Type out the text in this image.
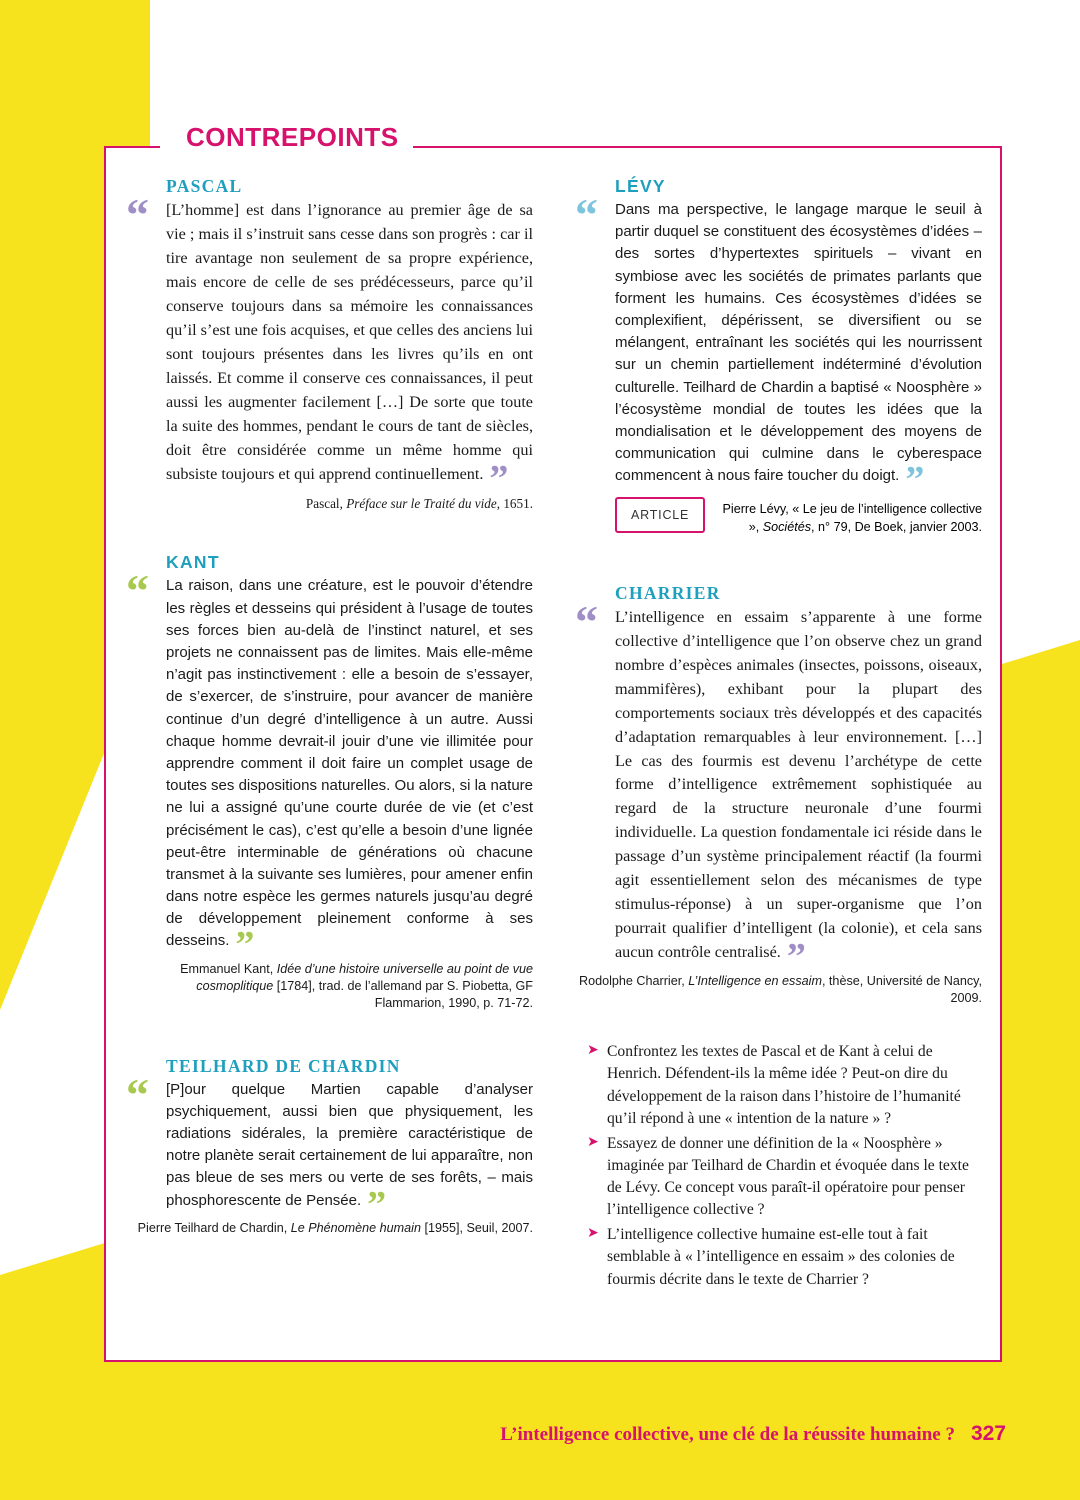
CONTREPOINTS
“
PASCAL
[L’homme] est dans l’ignorance au premier âge de sa vie ; mais il s’instruit sans cesse dans son progrès : car il tire avantage non seulement de sa propre expérience, mais encore de celle de ses prédécesseurs, parce qu’il conserve toujours dans sa mémoire les connaissances qu’il s’est une fois acquises, et que celles des anciens lui sont toujours présentes dans les livres qu’ils en ont laissés. Et comme il conserve ces connaissances, il peut aussi les augmenter facilement […] De sorte que toute la suite des hommes, pendant le cours de tant de siècles, doit être considérée comme un même homme qui subsiste toujours et qui apprend continuellement. ”
Pascal, Préface sur le Traité du vide, 1651.
“
KANT
La raison, dans une créature, est le pouvoir d’étendre les règles et desseins qui président à l’usage de toutes ses forces bien au-delà de l’instinct naturel, et ses projets ne connaissent pas de limites. Mais elle-même n’agit pas instinctivement : elle a besoin de s’essayer, de s’exercer, de s’instruire, pour avancer de manière continue d’un degré d’intelligence à un autre. Aussi chaque homme devrait-il jouir d’une vie illimitée pour apprendre comment il doit faire un complet usage de toutes ses dispositions naturelles. Ou alors, si la nature ne lui a assigné qu’une courte durée de vie (et c’est précisément le cas), c’est qu’elle a besoin d’une lignée peut-être interminable de générations où chacune transmet à la suivante ses lumières, pour amener enfin dans notre espèce les germes naturels jusqu’au degré de développement pleinement conforme à ses desseins. ”
Emmanuel Kant, Idée d’une histoire universelle au point de vue cosmoplitique [1784], trad. de l’allemand par S. Piobetta, GF Flammarion, 1990, p. 71-72.
“
TEILHARD DE CHARDIN
[P]our quelque Martien capable d’analyser psychiquement, aussi bien que physiquement, les radiations sidérales, la première caractéristique de notre planète serait certainement de lui apparaître, non pas bleue de ses mers ou verte de ses forêts, – mais phosphorescente de Pensée. ”
Pierre Teilhard de Chardin, Le Phénomène humain [1955], Seuil, 2007.
“
LÉVY
Dans ma perspective, le langage marque le seuil à partir duquel se constituent des écosystèmes d’idées – des sortes d’hypertextes spirituels – vivant en symbiose avec les sociétés de primates parlants que forment les humains. Ces écosystèmes d’idées se complexifient, dépérissent, se diversifient ou se mélangent, entraînant les sociétés qui les nourrissent sur un chemin partiellement indéterminé d’évolution culturelle. Teilhard de Chardin a baptisé « Noosphère » l’écosystème mondial de toutes les idées que la mondialisation et le développement des moyens de communication qui culmine dans le cyberespace commencent à nous faire toucher du doigt. ”
ARTICLE	Pierre Lévy, « Le jeu de l’intelligence collective », Sociétés, n° 79, De Boek, janvier 2003.
“
CHARRIER
L’intelligence en essaim s’apparente à une forme collective d’intelligence que l’on observe chez un grand nombre d’espèces animales (insectes, poissons, oiseaux, mammifères), exhibant pour la plupart des comportements sociaux très développés et des capacités d’adaptation remarquables à leur environnement. […] Le cas des fourmis est devenu l’archétype de cette forme d’intelligence extrêmement sophistiquée au regard de la structure neuronale d’une fourmi individuelle. La question fondamentale ici réside dans le passage d’un système principalement réactif (la fourmi agit essentiellement selon des mécanismes de type stimulus-réponse) à un super-organisme que l’on pourrait qualifier d’intelligent (la colonie), et cela sans aucun contrôle centralisé. ”
Rodolphe Charrier, L’Intelligence en essaim, thèse, Université de Nancy, 2009.
➤ Confrontez les textes de Pascal et de Kant à celui de Henrich. Défendent-ils la même idée ? Peut-on dire du développement de la raison dans l’histoire de l’humanité qu’il répond à une « intention de la nature » ?
➤ Essayez de donner une définition de la « Noosphère » imaginée par Teilhard de Chardin et évoquée dans le texte de Lévy. Ce concept vous paraît-il opératoire pour penser l’intelligence collective ?
➤ L’intelligence collective humaine est-elle tout à fait semblable à « l’intelligence en essaim » des colonies de fourmis décrite dans le texte de Charrier ?
L’intelligence collective, une clé de la réussite humaine ? 327
